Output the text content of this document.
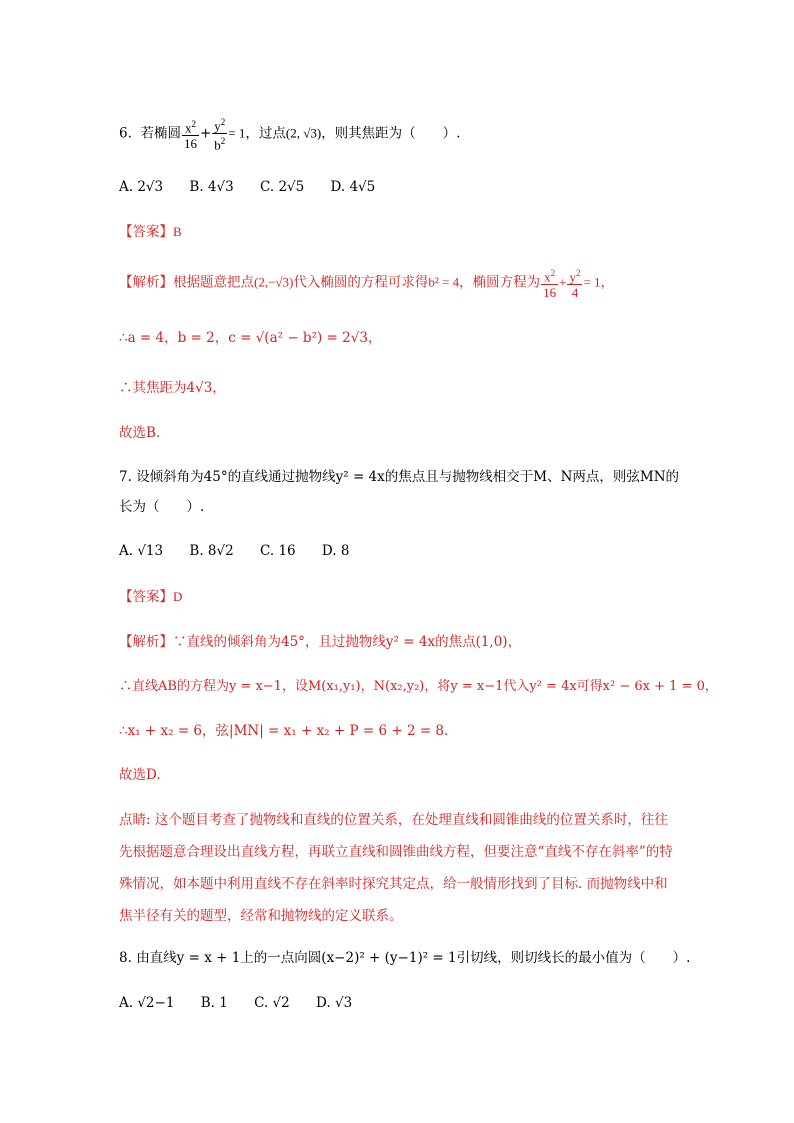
6. 若椭圆 $\frac{x^2}{16} + \frac{y^2}{b^2} = 1$，过点(2, √3)，则其焦距为（　　）.
A. 2√3 B. 4√3 C. 2√5 D. 4√5
【答案】B
【解析】根据题意把点(2,−√3)代入椭圆的方程可求得b² = 4，椭圆方程为 $\frac{x^2}{16} + \frac{y^2}{4} = 1$，
∴a = 4，b = 2，c = √(a² − b²) = 2√3，
∴其焦距为4√3，
故选B.
7. 设倾斜角为45°的直线通过抛物线y² = 4x的焦点且与抛物线相交于M、N两点，则弦MN的
长为（　　）.
A. √13 B. 8√2 C. 16 D. 8
【答案】D
【解析】∵直线的倾斜角为45°，且过抛物线y² = 4x的焦点(1,0)，
∴直线AB的方程为y = x−1，设M(x₁,y₁)，N(x₂,y₂)，将y = x−1代入y² = 4x可得x² − 6x + 1 = 0，
∴x₁ + x₂ = 6，弦|MN| = x₁ + x₂ + P = 6 + 2 = 8.
故选D.
点睛: 这个题目考查了抛物线和直线的位置关系，在处理直线和圆锥曲线的位置关系时，往往先根据题意合理设出直线方程，再联立直线和圆锥曲线方程，但要注意“直线不存在斜率”的特殊情况，如本题中利用直线不存在斜率时探究其定点，给一般情形找到了目标. 而抛物线中和焦半径有关的题型，经常和抛物线的定义联系。
8. 由直线y = x + 1上的一点向圆(x−2)² + (y−1)² = 1引切线，则切线长的最小值为（　　）.
A. √2−1 B. 1 C. √2 D. √3
